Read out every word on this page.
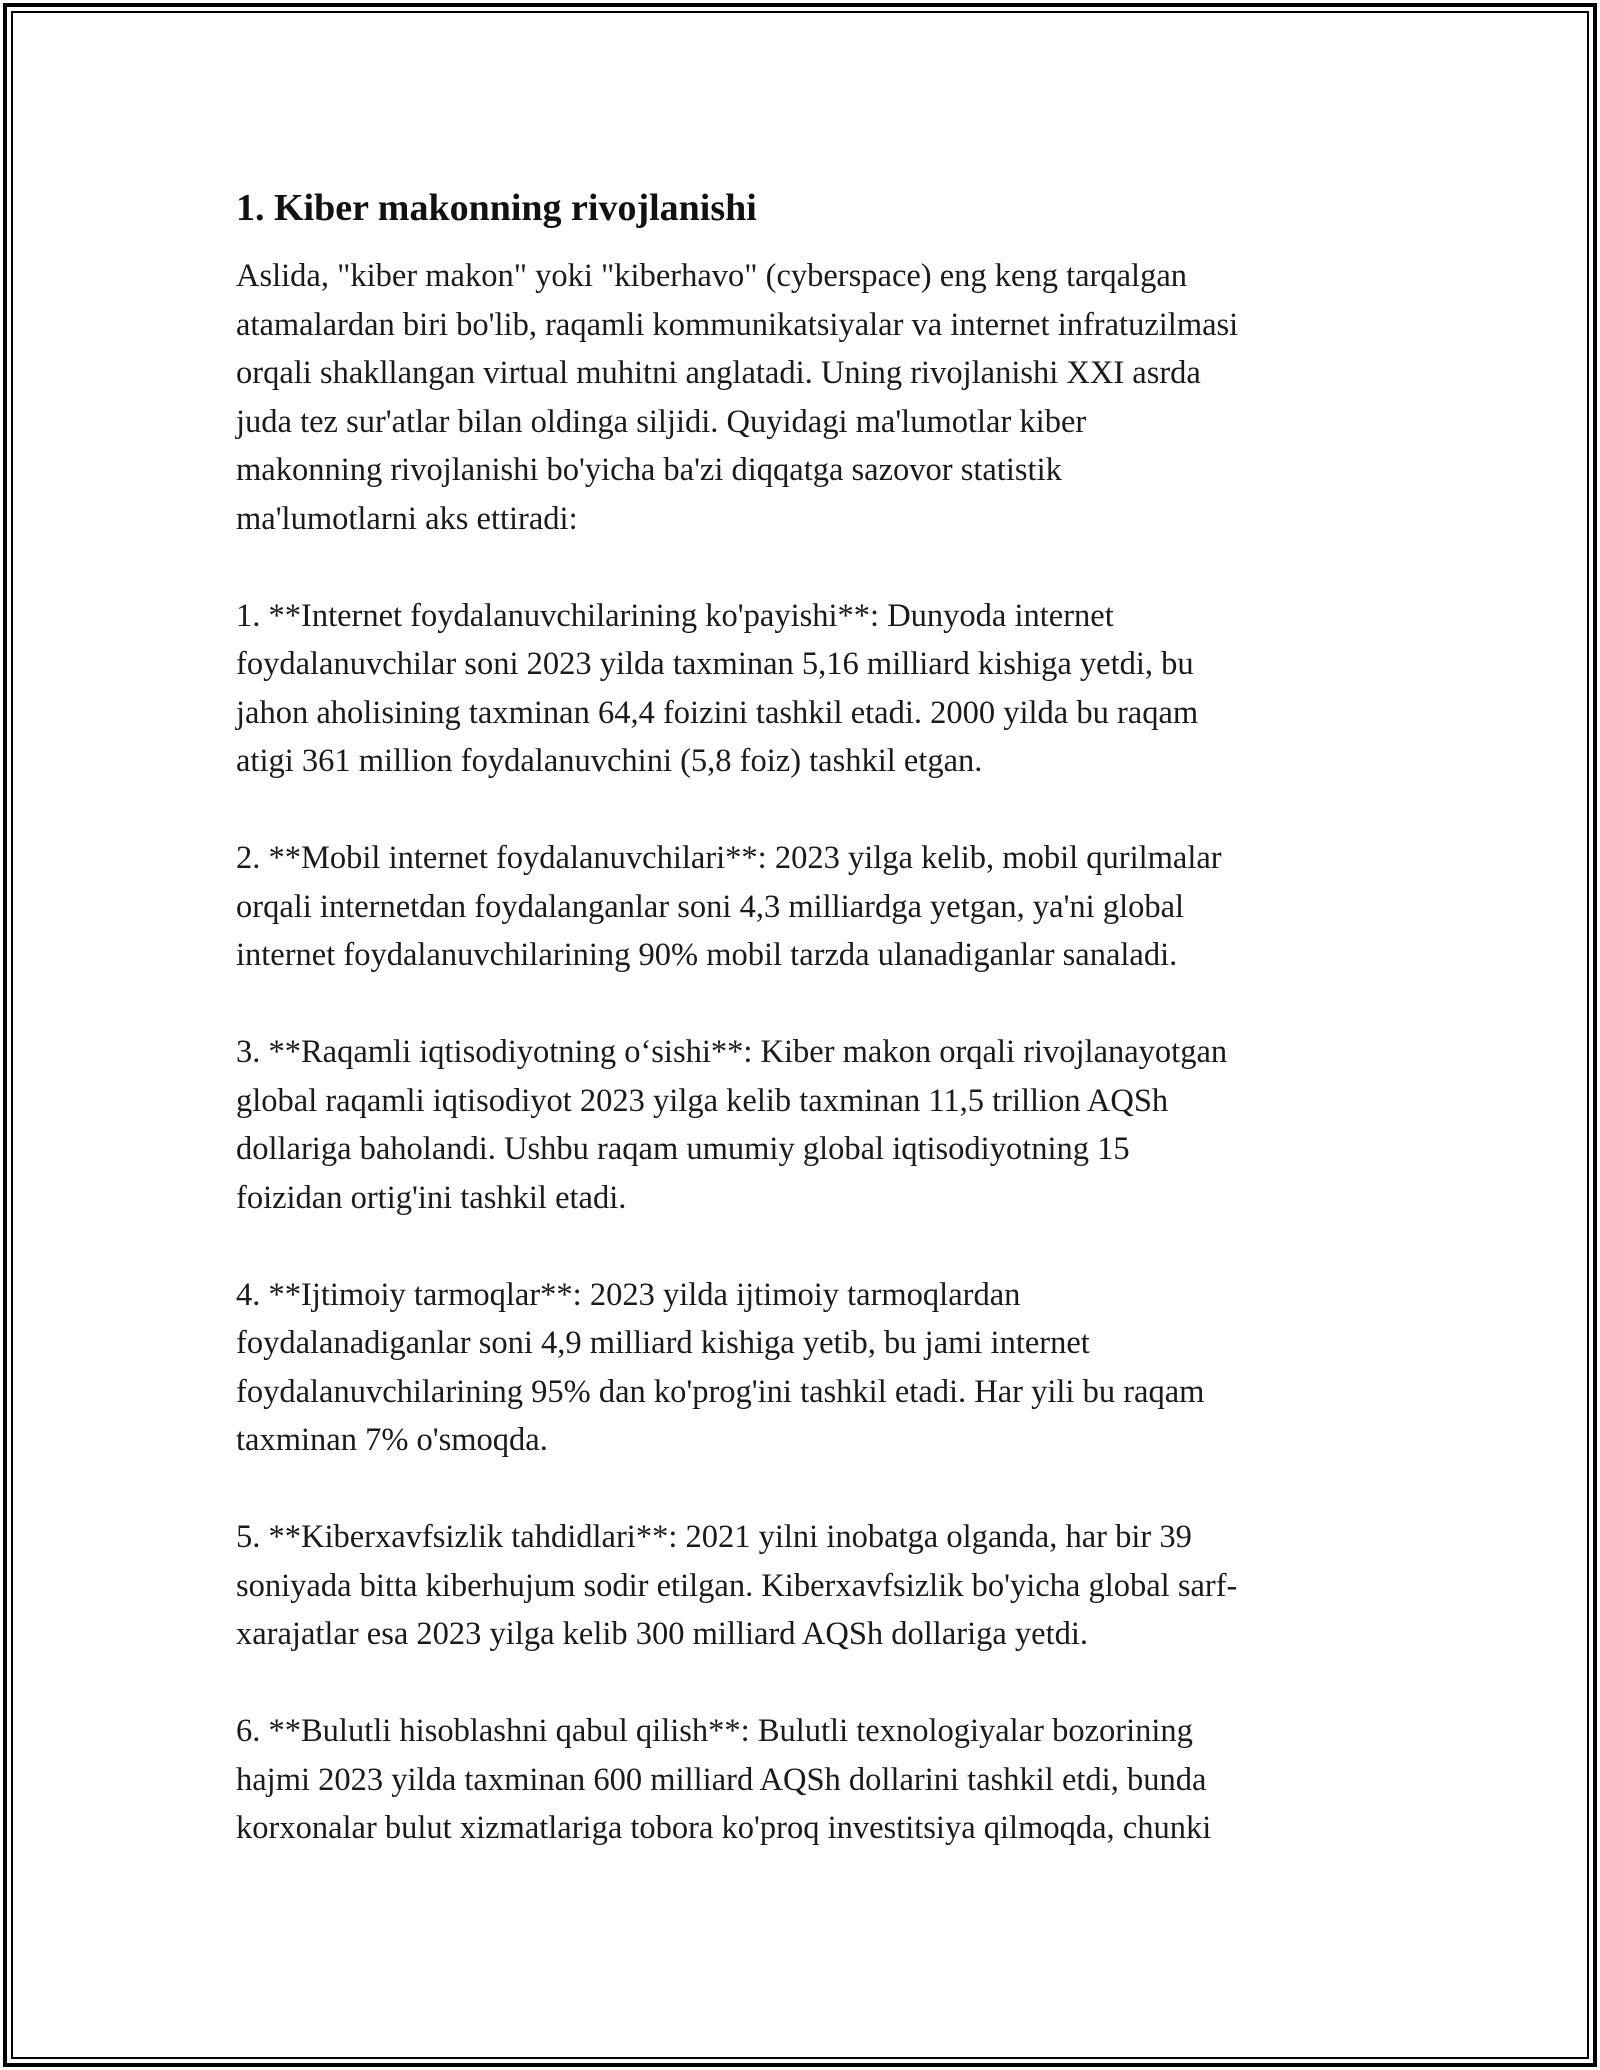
1. Kiber makonning rivojlanishi

Aslida, "kiber makon" yoki "kiberhavo" (cyberspace) eng keng tarqalgan
atamalardan biri bo'lib, raqamli kommunikatsiyalar va internet infratuzilmasi
orqali shakllangan virtual muhitni anglatadi. Uning rivojlanishi XXI asrda
juda tez sur'atlar bilan oldinga siljidi. Quyidagi ma'lumotlar kiber
makonning rivojlanishi bo'yicha ba'zi diqqatga sazovor statistik
ma'lumotlarni aks ettiradi:

1. **Internet foydalanuvchilarining ko'payishi**: Dunyoda internet
foydalanuvchilar soni 2023 yilda taxminan 5,16 milliard kishiga yetdi, bu
jahon aholisining taxminan 64,4 foizini tashkil etadi. 2000 yilda bu raqam
atigi 361 million foydalanuvchini (5,8 foiz) tashkil etgan.

2. **Mobil internet foydalanuvchilari**: 2023 yilga kelib, mobil qurilmalar
orqali internetdan foydalanganlar soni 4,3 milliardga yetgan, ya'ni global
internet foydalanuvchilarining 90% mobil tarzda ulanadiganlar sanaladi.

3. **Raqamli iqtisodiyotning o‘sishi**: Kiber makon orqali rivojlanayotgan
global raqamli iqtisodiyot 2023 yilga kelib taxminan 11,5 trillion AQSh
dollariga baholandi. Ushbu raqam umumiy global iqtisodiyotning 15
foizidan ortig'ini tashkil etadi.

4. **Ijtimoiy tarmoqlar**: 2023 yilda ijtimoiy tarmoqlardan
foydalanadiganlar soni 4,9 milliard kishiga yetib, bu jami internet
foydalanuvchilarining 95% dan ko'prog'ini tashkil etadi. Har yili bu raqam
taxminan 7% o'smoqda.

5. **Kiberxavfsizlik tahdidlari**: 2021 yilni inobatga olganda, har bir 39
soniyada bitta kiberhujum sodir etilgan. Kiberxavfsizlik bo'yicha global sarf-
xarajatlar esa 2023 yilga kelib 300 milliard AQSh dollariga yetdi.

6. **Bulutli hisoblashni qabul qilish**: Bulutli texnologiyalar bozorining
hajmi 2023 yilda taxminan 600 milliard AQSh dollarini tashkil etdi, bunda
korxonalar bulut xizmatlariga tobora ko'proq investitsiya qilmoqda, chunki
